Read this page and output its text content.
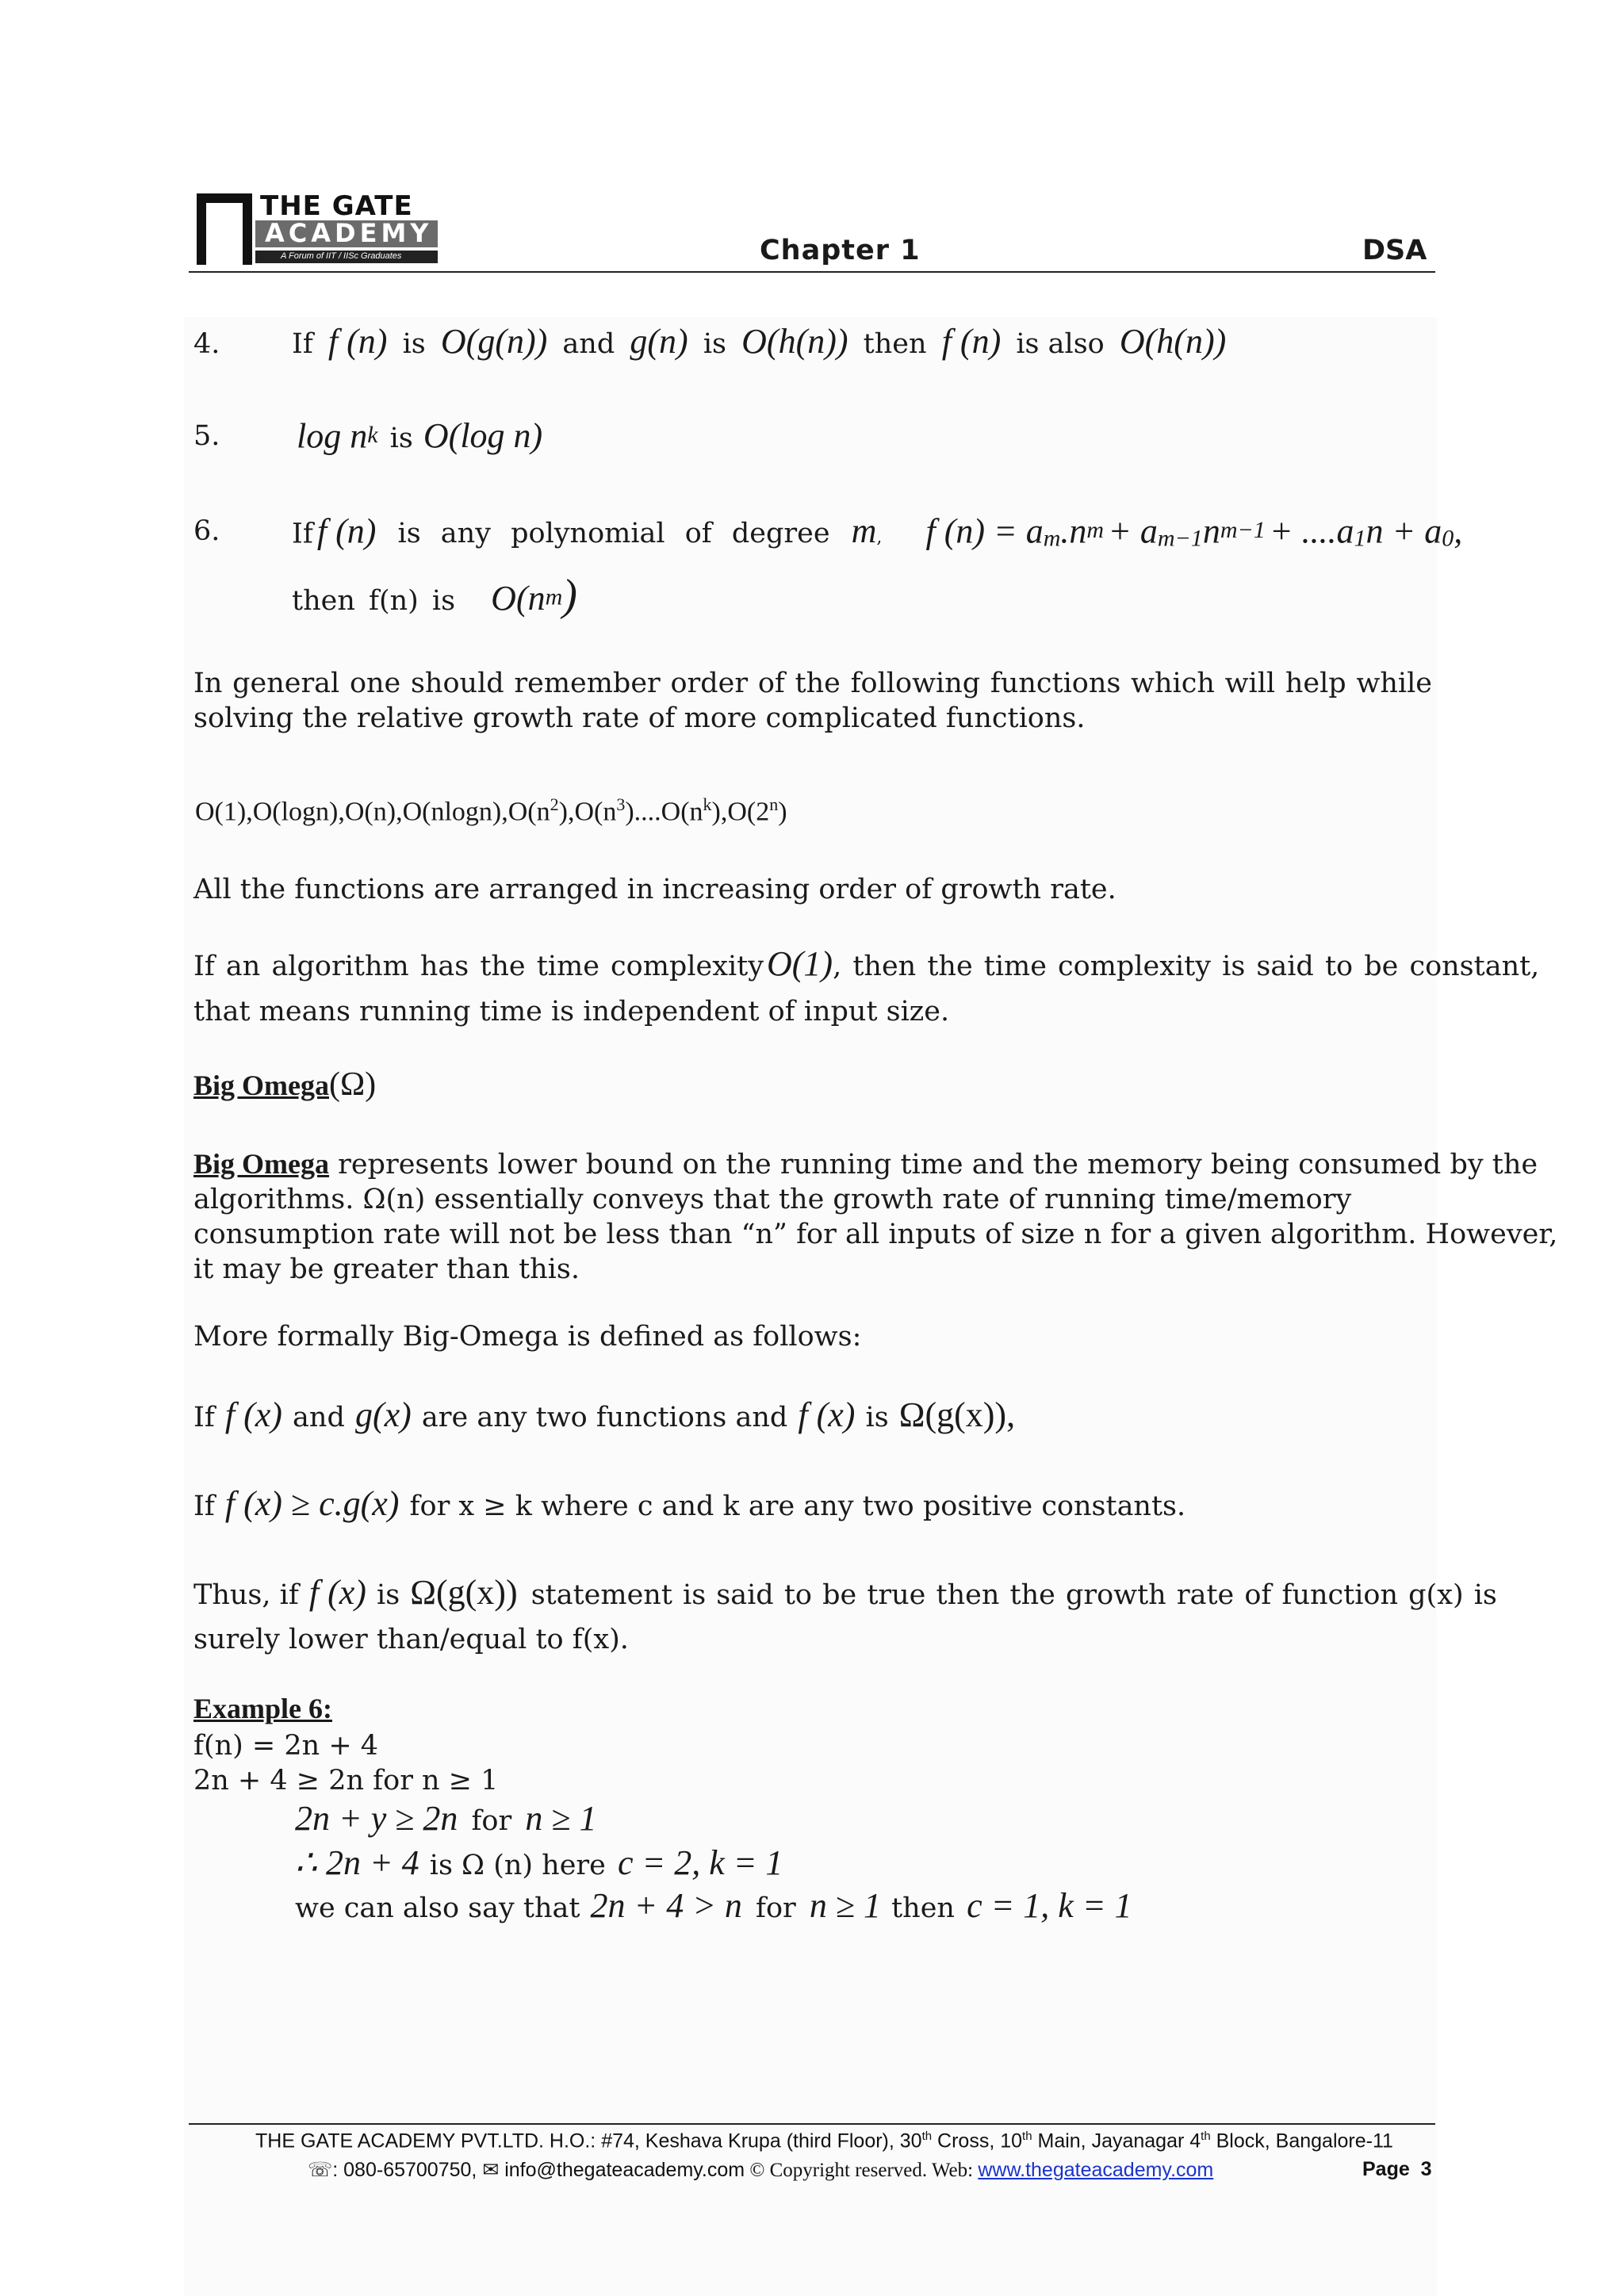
THE GATE
ACADEMY
A Forum of IIT / IISc Graduates	Chapter 1	DSA
4.	If f (n) is O(g(n)) and g(n) is O(h(n)) then f (n) is also O(h(n))
5. $\log n^k$ is O(log n)
6.	If f (n) is any polynomial of degree m, f $(n) = a_m.n^m + a_{m-1}n^{m-1} + ....a_1n + a_0$,
then f(n) is $O(n^m)$
In general one should remember order of the following functions which will help while solving the relative growth rate of more complicated functions.
$O(1),O(\log n),O(n),O(nlogn),O(n^2),O(n^3)....O(n^k),O(2^n)$
All the functions are arranged in increasing order of growth rate.
If an algorithm has the time complexityO(1), then the time complexity is said to be constant,
that means running time is independent of input size.
Big Omega(Ω)
Big Omega represents lower bound on the running time and the memory being consumed by the
algorithms. Ω(n) essentially conveys that the growth rate of running time/memory
consumption rate will not be less than “n” for all inputs of size n for a given algorithm. However,
it may be greater than this.
More formally Big-Omega is defined as follows:
If f (x) and g(x) are any two functions and f (x) is Ω(g(x)),
If f (x) ≥ c.g(x) for x ≥ k where c and k are any two positive constants.
Thus, if f (x) is Ω(g(x)) statement is said to be true then the growth rate of function g(x) is
surely lower than/equal to f(x).
Example 6:
f(n) = 2n + 4
2n + 4 ≥ 2n for n ≥ 1
2n + y ≥ 2n for n ≥ 1
∴ 2n + 4 is Ω (n) here c = 2, k = 1
we can also say that 2n + 4 > n for n ≥ 1 then c = 1, k = 1
THE GATE ACADEMY PVT.LTD. H.O.: #74, Keshava Krupa (third Floor), 30th Cross, 10th Main, Jayanagar 4th Block, Bangalore-11
☏: 080-65700750, ✉ info@thegateacademy.com © Copyright reserved. Web: www.thegateacademy.com	Page 3
